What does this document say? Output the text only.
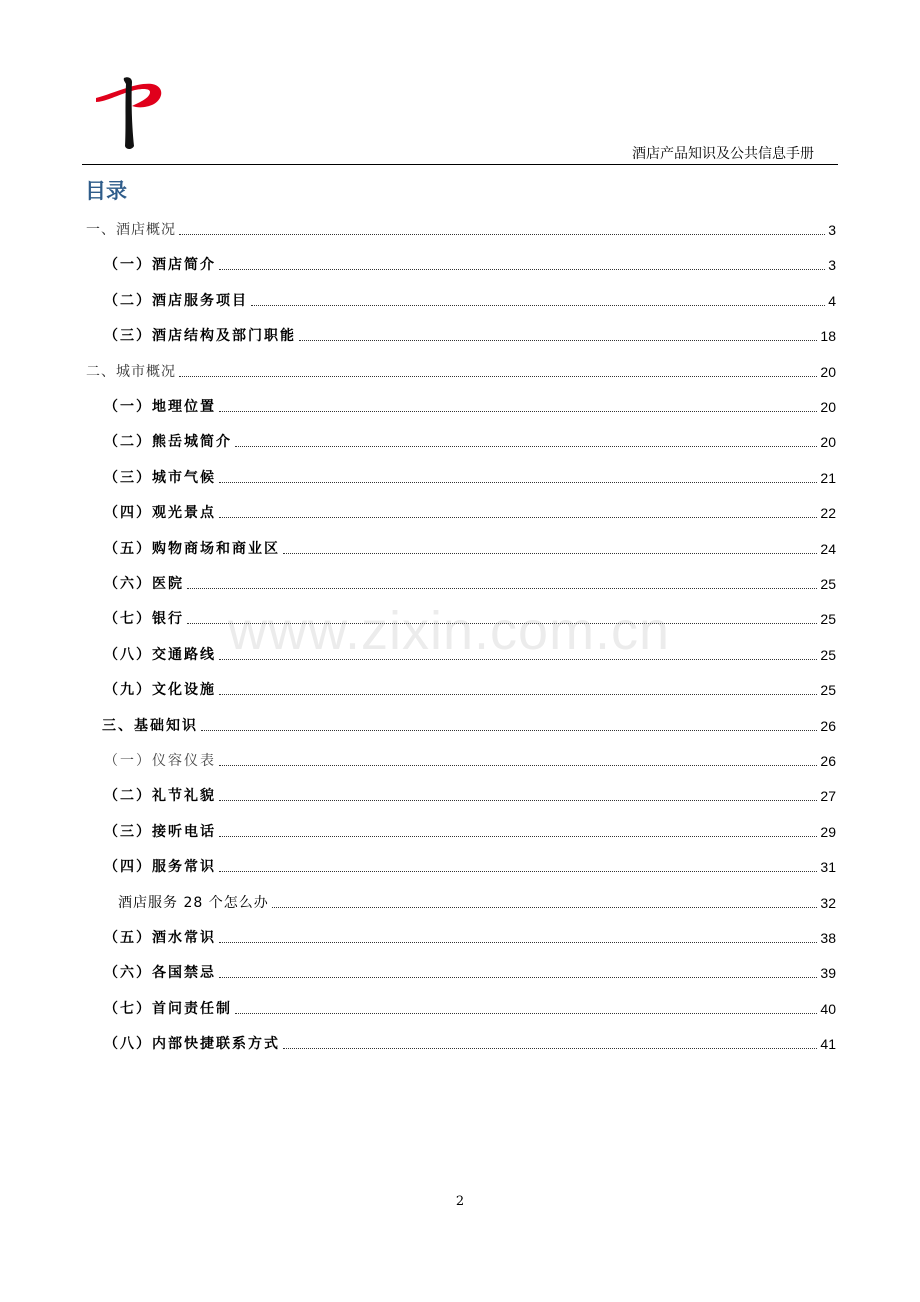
酒店产品知识及公共信息手册
目录
一、酒店概况	3
（一）酒店简介	3
（二）酒店服务项目	4
（三）酒店结构及部门职能	18
二、城市概况	20
（一）地理位置	20
（二）熊岳城简介	20
（三）城市气候	21
（四）观光景点	22
（五）购物商场和商业区	24
（六）医院	25
（七）银行	25
（八）交通路线	25
（九）文化设施	25
三、基础知识	26
（一）仪容仪表	26
（二）礼节礼貌	27
（三）接听电话	29
（四）服务常识	31
酒店服务 28 个怎么办	32
（五）酒水常识	38
（六）各国禁忌	39
（七）首问责任制	40
（八）内部快捷联系方式	41
www.zixin.com.cn
2
